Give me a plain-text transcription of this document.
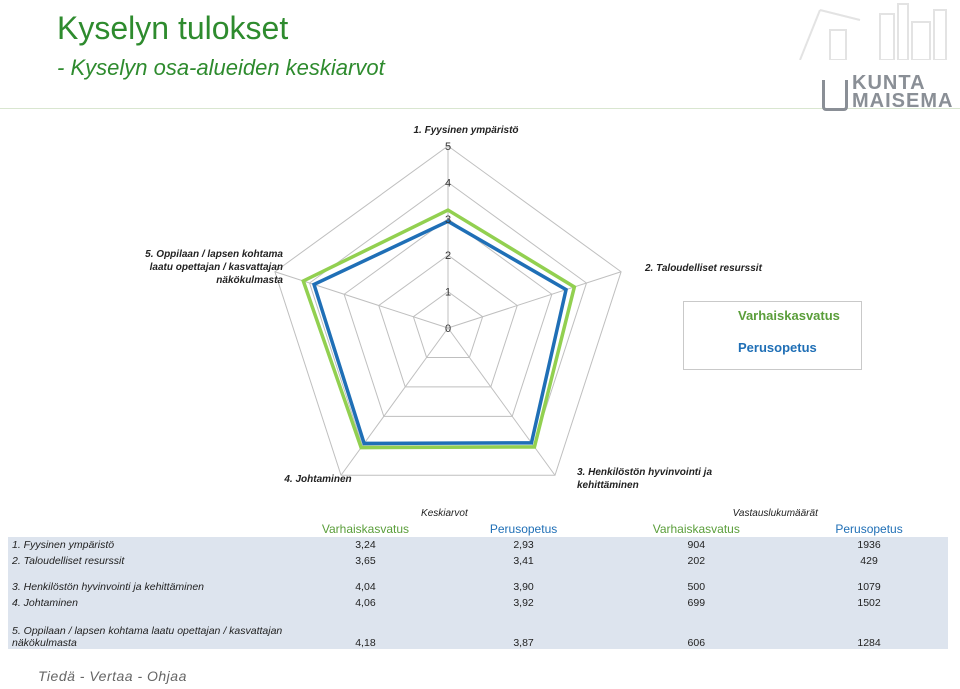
Kyselyn tulokset
- Kyselyn osa-alueiden keskiarvot
KUNTA
MAISEMA
0
1
2
3
4
5
1. Fyysinen ympäristö
2. Taloudelliset resurssit
3. Henkilöstön hyvinvointi ja kehittäminen
4. Johtaminen
5. Oppilaan / lapsen kohtama laatu opettajan / kasvattajan näkökulmasta
Varhaiskasvatus
Perusopetus
	Keskiarvot		Vastauslukumäärät	
	Varhaiskasvatus	Perusopetus	Varhaiskasvatus	Perusopetus
1. Fyysinen ympäristö	3,24	2,93	904	1936
2. Taloudelliset resurssit	3,65	3,41	202	429

3. Henkilöstön hyvinvointi ja kehittäminen	4,04	3,90	500	1079
4. Johtaminen	4,06	3,92	699	1502

5. Oppilaan / lapsen kohtama laatu opettajan / kasvattajan
näkökulmasta	4,18	3,87	606	1284
Tiedä - Vertaa - Ohjaa
